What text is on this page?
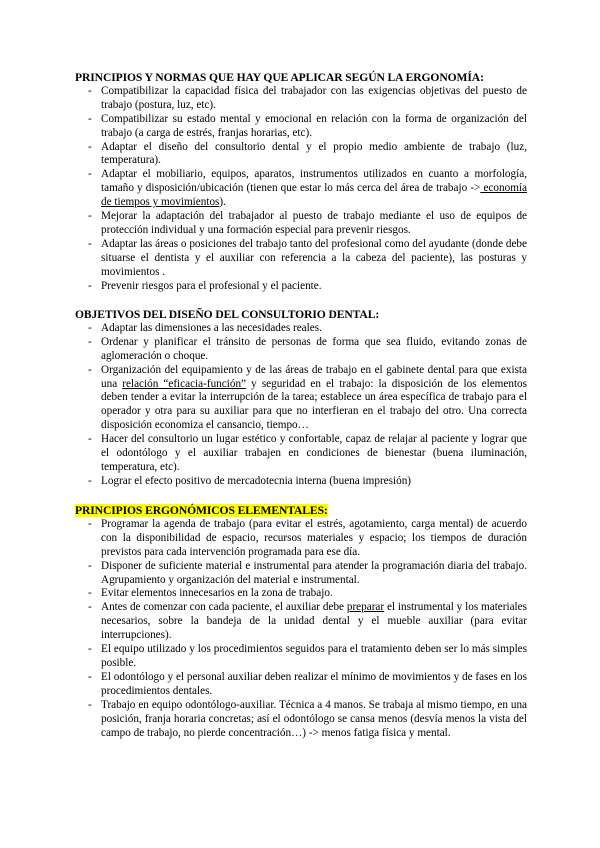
PRINCIPIOS Y NORMAS QUE HAY QUE APLICAR SEGÚN LA ERGONOMÍA:

- Compatibilizar la capacidad física del trabajador con las exigencias objetivas del puesto de trabajo (postura, luz, etc).
- Compatibilizar su estado mental y emocional en relación con la forma de organización del trabajo (a carga de estrés, franjas horarias, etc).
- Adaptar el diseño del consultorio dental y el propio medio ambiente de trabajo (luz, temperatura).
- Adaptar el mobiliario, equipos, aparatos, instrumentos utilizados en cuanto a morfología, tamaño y disposición/ubicación (tienen que estar lo más cerca del área de trabajo -> economía de tiempos y movimientos).
- Mejorar la adaptación del trabajador al puesto de trabajo mediante el uso de equipos de protección individual y una formación especial para prevenir riesgos.
- Adaptar las áreas o posiciones del trabajo tanto del profesional como del ayudante (donde debe situarse el dentista y el auxiliar con referencia a la cabeza del paciente), las posturas y movimientos .
- Prevenir riesgos para el profesional y el paciente.

OBJETIVOS DEL DISEÑO DEL CONSULTORIO DENTAL:

- Adaptar las dimensiones a las necesidades reales.
- Ordenar y planificar el tránsito de personas de forma que sea fluido, evitando zonas de aglomeración o choque.
- Organización del equipamiento y de las áreas de trabajo en el gabinete dental para que exista una relación “eficacia-función” y seguridad en el trabajo: la disposición de los elementos deben tender a evitar la interrupción de la tarea; establece un área específica de trabajo para el operador y otra para su auxiliar para que no interfieran en el trabajo del otro. Una correcta disposición economiza el cansancio, tiempo…
- Hacer del consultorio un lugar estético y confortable, capaz de relajar al paciente y lograr que el odontólogo y el auxiliar trabajen en condiciones de bienestar (buena iluminación, temperatura, etc).
- Lograr el efecto positivo de mercadotecnia interna (buena impresión)

PRINCIPIOS ERGONÓMICOS ELEMENTALES:

- Programar la agenda de trabajo (para evitar el estrés, agotamiento, carga mental) de acuerdo con la disponibilidad de espacio, recursos materiales y espacio; los tiempos de duración previstos para cada intervención programada para ese día.
- Disponer de suficiente material e instrumental para atender la programación diaria del trabajo. Agrupamiento y organización del material e instrumental.
- Evitar elementos innecesarios en la zona de trabajo.
- Antes de comenzar con cada paciente, el auxiliar debe preparar el instrumental y los materiales necesarios, sobre la bandeja de la unidad dental y el mueble auxiliar (para evitar interrupciones).
- El equipo utilizado y los procedimientos seguidos para el tratamiento deben ser lo más simples posible.
- El odontólogo y el personal auxiliar deben realizar el mínimo de movimientos y de fases en los procedimientos dentales.
- Trabajo en equipo odontólogo-auxiliar. Técnica a 4 manos. Se trabaja al mismo tiempo, en una posición, franja horaria concretas; así el odontólogo se cansa menos (desvía menos la vista del campo de trabajo, no pierde concentración…) -> menos fatiga física y mental.
